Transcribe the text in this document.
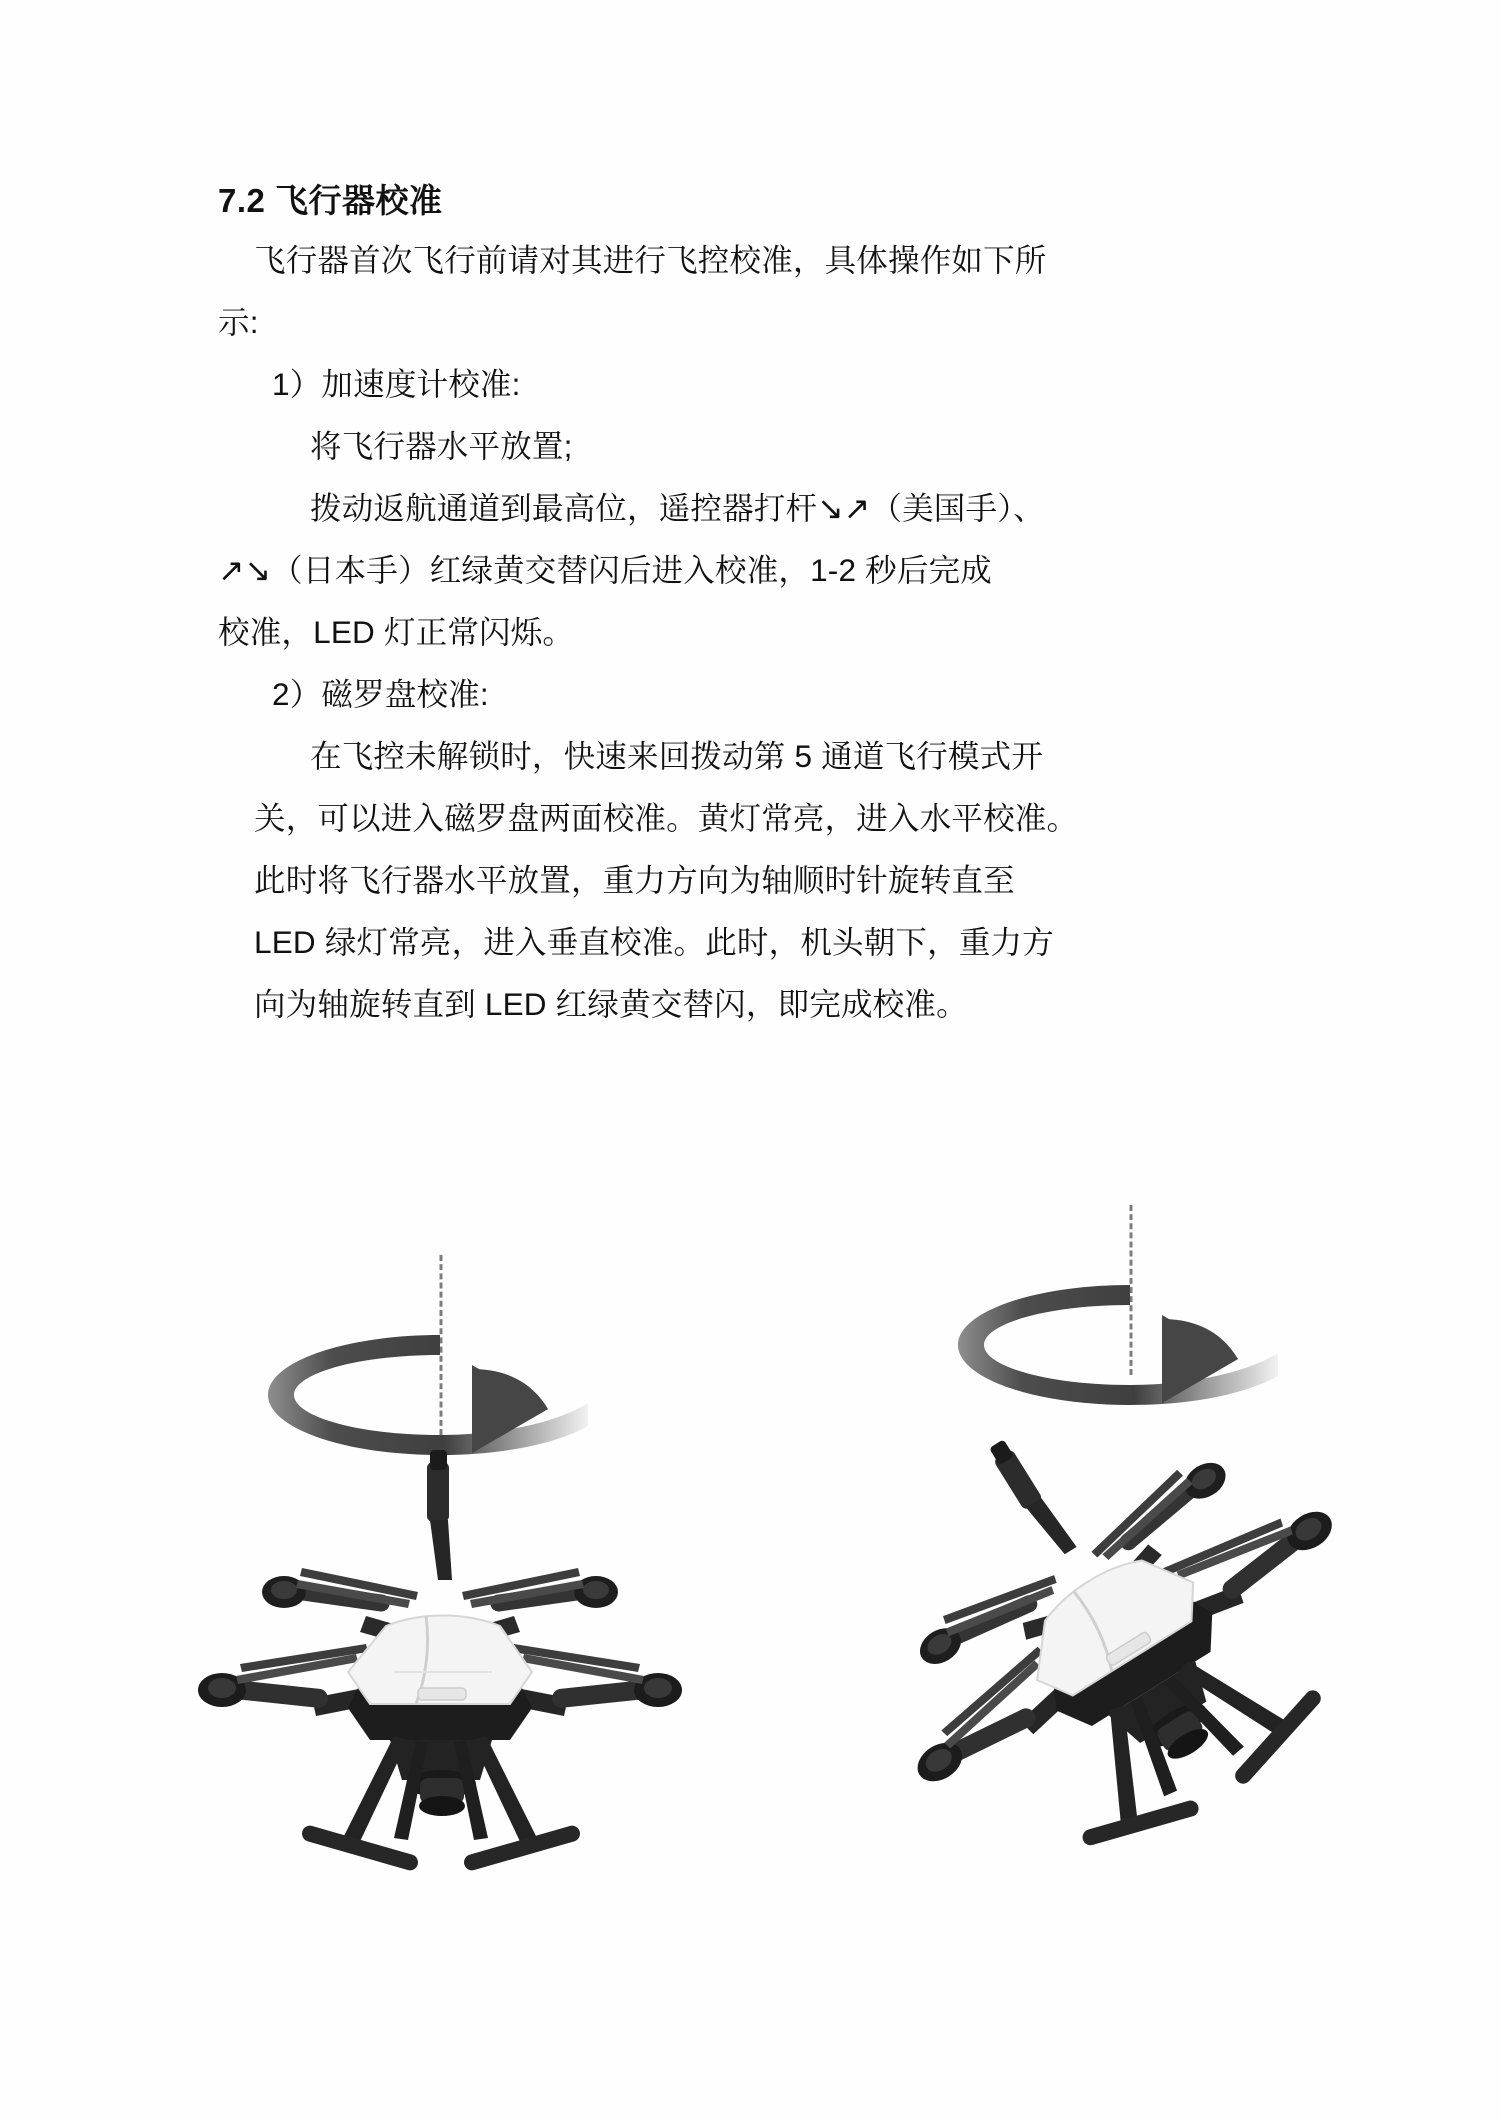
7.2 飞行器校准

飞行器首次飞行前请对其进行飞控校准，具体操作如下所

示:

1）加速度计校准:

将飞行器水平放置;

拨动返航通道到最高位，遥控器打杆↘↗（美国手）、

↗↘（日本手）红绿黄交替闪后进入校准，1-2 秒后完成

校准，LED 灯正常闪烁。

2）磁罗盘校准:

在飞控未解锁时，快速来回拨动第 5 通道飞行模式开

关，可以进入磁罗盘两面校准。黄灯常亮，进入水平校准。

此时将飞行器水平放置，重力方向为轴顺时针旋转直至

LED 绿灯常亮，进入垂直校准。此时，机头朝下，重力方

向为轴旋转直到 LED 红绿黄交替闪，即完成校准。
